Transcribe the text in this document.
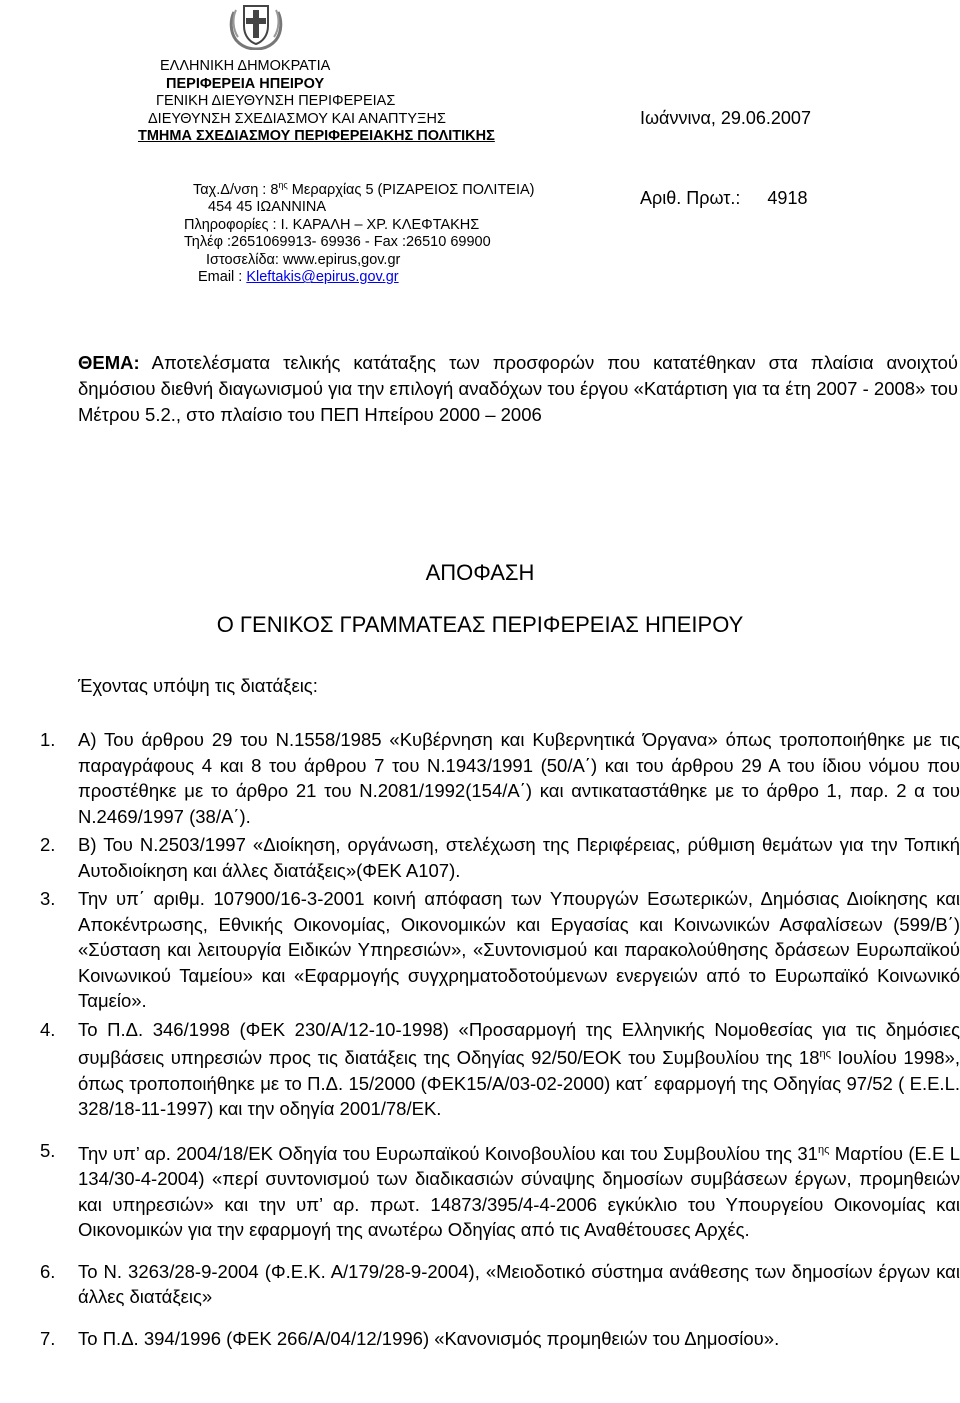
ΕΛΛΗΝΙΚΗ ΔΗΜΟΚΡΑΤΙΑ
ΠΕΡΙΦΕΡΕΙΑ ΗΠΕΙΡΟΥ
ΓΕΝΙΚΗ ΔΙΕΥΘΥΝΣΗ ΠΕΡΙΦΕΡΕΙΑΣ
ΔΙΕΥΘΥΝΣΗ ΣΧΕΔΙΑΣΜΟΥ ΚΑΙ ΑΝΑΠΤΥΞΗΣ
ΤΜΗΜΑ ΣΧΕΔΙΑΣΜΟΥ ΠΕΡΙΦΕΡΕΙΑΚΗΣ ΠΟΛΙΤΙΚΗΣ
Ταχ.Δ/νση : $8^{\eta\varsigma}$ Μεραρχίας 5 (ΡΙΖΑΡΕΙΟΣ ΠΟΛΙΤΕΙΑ)
454 45 ΙΩΑΝΝΙΝΑ
Πληροφορίες : Ι. ΚΑΡΑΛΗ – ΧΡ. ΚΛΕΦΤΑΚΗΣ
Τηλέφ :2651069913- 69936 - Fax :26510 69900
Ιστοσελίδα: www.epirus,gov.gr
Email : Kleftakis@epirus.gov.gr
Ιωάννινα, 29.06.2007
Αριθ. Πρωτ.: 4918
ΘΕΜΑ: Αποτελέσματα τελικής κατάταξης των προσφορών που κατατέθηκαν στα πλαίσια ανοιχτού δημόσιου διεθνή διαγωνισμού για την επιλογή αναδόχων του έργου «Κατάρτιση για τα έτη 2007 - 2008» του Μέτρου 5.2., στο πλαίσιο του ΠΕΠ Ηπείρου 2000 – 2006
ΑΠΟΦΑΣΗ
Ο ΓΕΝΙΚΟΣ ΓΡΑΜΜΑΤΕΑΣ ΠΕΡΙΦΕΡΕΙΑΣ ΗΠΕΙΡΟΥ
Έχοντας υπόψη τις διατάξεις:
1. Α) Του άρθρου 29 του Ν.1558/1985 «Κυβέρνηση και Κυβερνητικά Όργανα» όπως τροποποιήθηκε με τις παραγράφους 4 και 8 του άρθρου 7 του Ν.1943/1991 (50/Α΄) και του άρθρου 29 Α του ίδιου νόμου που προστέθηκε με το άρθρο 21 του Ν.2081/1992(154/Α΄) και αντικαταστάθηκε με το άρθρο 1, παρ. 2 α του Ν.2469/1997 (38/Α΄).
2. Β) Του Ν.2503/1997 «Διοίκηση, οργάνωση, στελέχωση της Περιφέρειας, ρύθμιση θεμάτων για την Τοπική Αυτοδιοίκηση και άλλες διατάξεις»(ΦΕΚ Α107).
3. Την υπ΄ αριθμ. 107900/16-3-2001 κοινή απόφαση των Υπουργών Εσωτερικών, Δημόσιας Διοίκησης και Αποκέντρωσης, Εθνικής Οικονομίας, Οικονομικών και Εργασίας και Κοινωνικών Ασφαλίσεων (599/Β΄) «Σύσταση και λειτουργία Ειδικών Υπηρεσιών», «Συντονισμού και παρακολούθησης δράσεων Ευρωπαϊκού Κοινωνικού Ταμείου» και «Εφαρμογής συγχρηματοδοτούμενων ενεργειών από το Ευρωπαϊκό Κοινωνικό Ταμείο».
4. Το Π.Δ. 346/1998 (ΦΕΚ 230/Α/12-10-1998) «Προσαρμογή της Ελληνικής Νομοθεσίας για τις δημόσιες συμβάσεις υπηρεσιών προς τις διατάξεις της Οδηγίας 92/50/ΕΟΚ του Συμβουλίου της $18^{\eta\varsigma}$ Ιουλίου 1998», όπως τροποποιήθηκε με το Π.Δ. 15/2000 (ΦΕΚ15/Α/03-02-2000) κατ΄ εφαρμογή της Οδηγίας 97/52 ( Ε.Ε.L. 328/18-11-1997) και την οδηγία 2001/78/ΕΚ.
5. Την υπ’ αρ. 2004/18/ΕΚ Οδηγία του Ευρωπαϊκού Κοινοβουλίου και του Συμβουλίου της $31^{\eta\varsigma}$ Μαρτίου (Ε.Ε L 134/30-4-2004) «περί συντονισμού των διαδικασιών σύναψης δημοσίων συμβάσεων έργων, προμηθειών και υπηρεσιών» και την υπ’ αρ. πρωτ. 14873/395/4-4-2006 εγκύκλιο του Υπουργείου Οικονομίας και Οικονομικών για την εφαρμογή της ανωτέρω Οδηγίας από τις Αναθέτουσες Αρχές.
6. Το Ν. 3263/28-9-2004 (Φ.Ε.Κ. Α/179/28-9-2004), «Μειοδοτικό σύστημα ανάθεσης των δημοσίων έργων και άλλες διατάξεις»
7. Το Π.Δ. 394/1996 (ΦΕΚ 266/Α/04/12/1996) «Κανονισμός προμηθειών του Δημοσίου».
